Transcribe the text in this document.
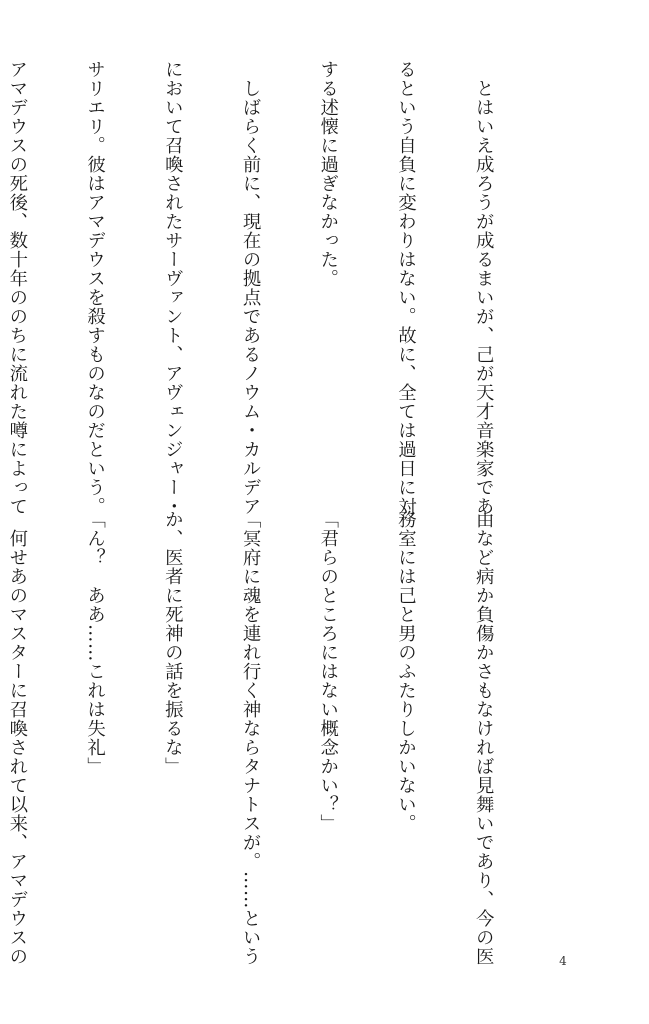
　とはいえ成ろうが成るまいが、己が天才音楽家であ

るという自負に変わりはない。故に、全ては過日に対

する述懐に過ぎなかった。

　しばらく前に、現在の拠点であるノウム・カルデア

において召喚されたサーヴァント、アヴェンジャー・

サリエリ。彼はアマデウスを殺すものなのだという。

アマデウスの死後、数十年ののちに流れた噂によって

由など病か負傷かさもなければ見舞いであり、今の医

務室には己と男のふたりしかいない。

「君らのところにはない概念かい？」

「冥府に魂を連れ行く神ならタナトスが。……という

か、医者に死神の話を振るな」

「ん？　ああ……これは失礼」

　何せあのマスターに召喚されて以来、アマデウスの

	4
